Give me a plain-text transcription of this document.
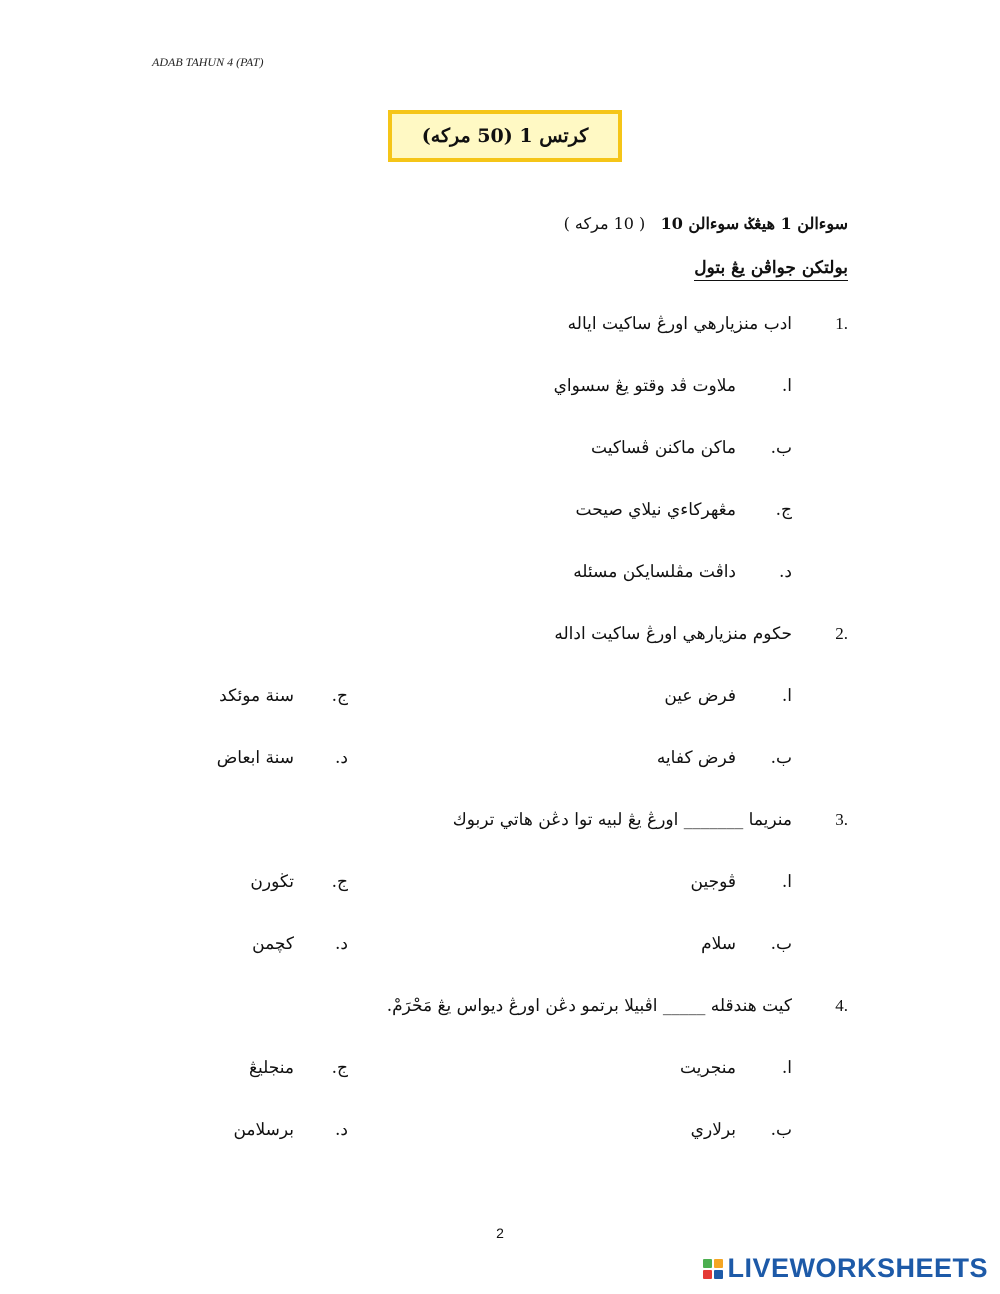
ADAB TAHUN 4 (PAT)
كرتس 1 (50 مركه)
سوءالن 1 هيڠݢ سوءالن 10   ( 10 مركه )
بولتكن جواڤن يڠ بتول
1.
ادب منزيارهي اورڠ ساكيت اياله
ا.
ملاوت ڤد وقتو يڠ سسواي
ب.
ماكن ماكنن ڤساكيت
ج.
مڠهركاءي نيلاي صيحت
د.
داڤت مڤلسايكن مسئله
2.
حكوم منزيارهي اورڠ ساكيت اداله
ا.
فرض عين
ب.
فرض كفايه
ج.
سنة موئكد
د.
سنة ابعاض
3.
منريما _______ اورڠ يڠ لبيه توا دڠن هاتي تربوك
ا.
ڤوجين
ب.
سلام
ج.
تڬورن
د.
كچمن
4.
كيت هندقله _____ اڤبيلا برتمو دڠن اورڠ ديواس يڠ مَحْرَمْ.
ا.
منجريت
ب.
برلاري
ج.
منجليڠ
د.
برسلامن
2
LIVEWORKSHEETS
